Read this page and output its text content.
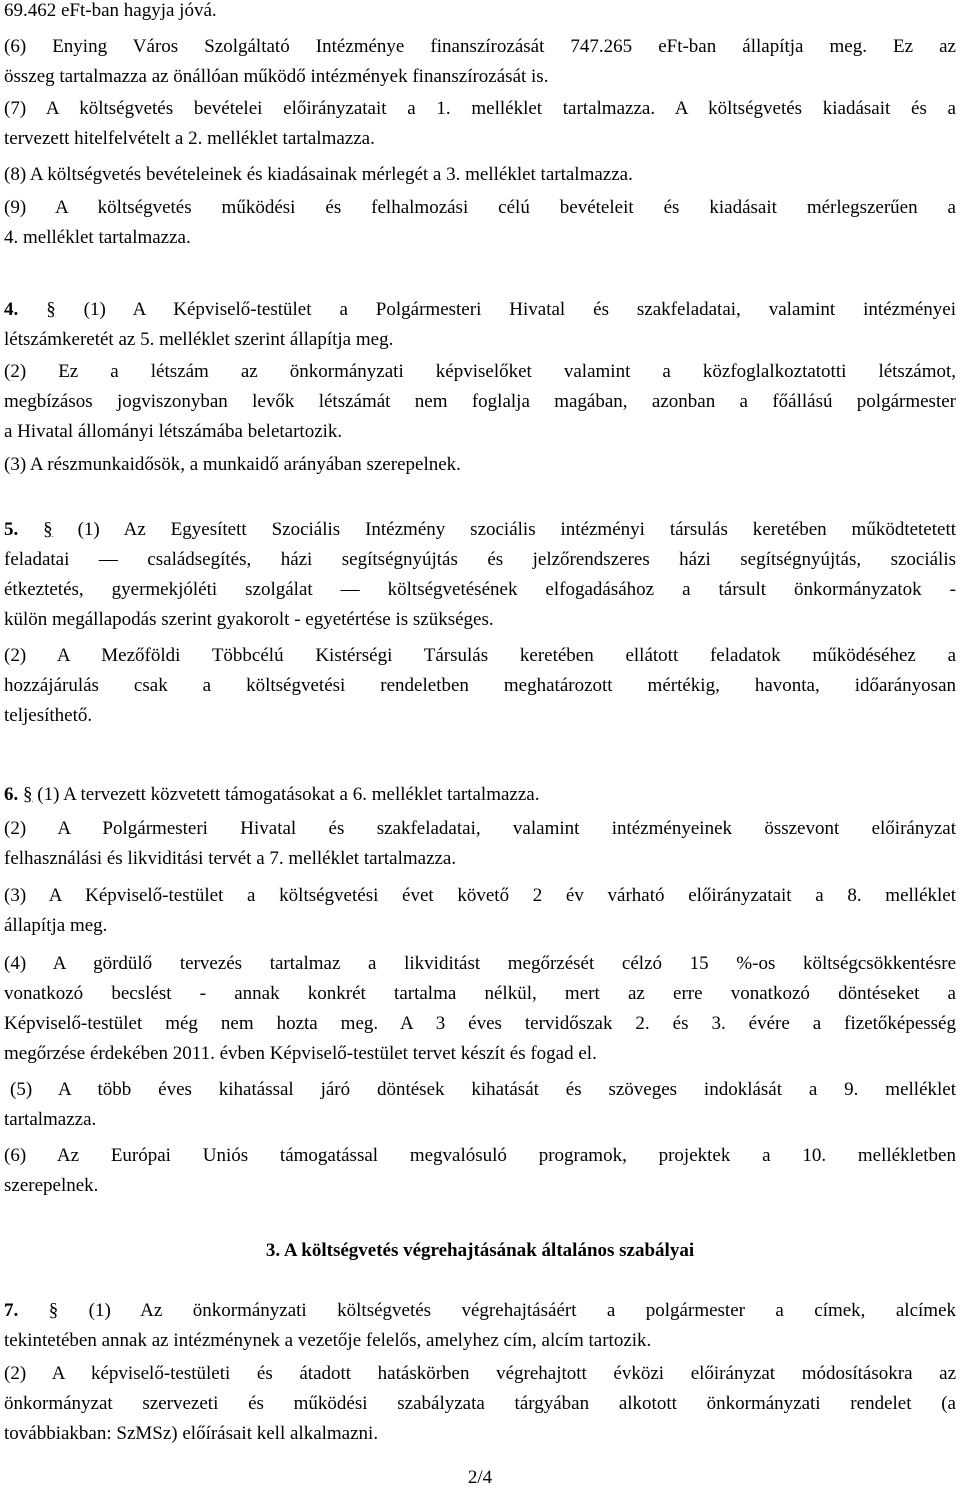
69.462 eFt-ban hagyja jóvá.
(6) Enying Város Szolgáltató Intézménye finanszírozását 747.265 eFt-ban állapítja meg. Ez az
összeg tartalmazza az önállóan működő intézmények finanszírozását is.
(7) A költségvetés bevételei előirányzatait a 1. melléklet tartalmazza. A költségvetés kiadásait és a
tervezett hitelfelvételt a 2. melléklet tartalmazza.
(8) A költségvetés bevételeinek és kiadásainak mérlegét a 3. melléklet tartalmazza.
(9) A költségvetés működési és felhalmozási célú bevételeit és kiadásait mérlegszerűen a
4. melléklet tartalmazza.
4. § (1) A Képviselő-testület a Polgármesteri Hivatal és szakfeladatai, valamint intézményei
létszámkeretét az 5. melléklet szerint állapítja meg.
(2) Ez a létszám az önkormányzati képviselőket valamint a közfoglalkoztatotti létszámot,
megbízásos jogviszonyban levők létszámát nem foglalja magában, azonban a főállású polgármester
a Hivatal állományi létszámába beletartozik.
(3) A részmunkaidősök, a munkaidő arányában szerepelnek.
5. § (1) Az Egyesített Szociális Intézmény szociális intézményi társulás keretében működtetetett
feladatai — családsegítés, házi segítségnyújtás és jelzőrendszeres házi segítségnyújtás, szociális
étkeztetés, gyermekjóléti szolgálat — költségvetésének elfogadásához a társult önkormányzatok -
külön megállapodás szerint gyakorolt - egyetértése is szükséges.
(2) A Mezőföldi Többcélú Kistérségi Társulás keretében ellátott feladatok működéséhez a
hozzájárulás csak a költségvetési rendeletben meghatározott mértékig, havonta, időarányosan
teljesíthető.
6. § (1) A tervezett közvetett támogatásokat a 6. melléklet tartalmazza.
(2) A Polgármesteri Hivatal és szakfeladatai, valamint intézményeinek összevont előirányzat
felhasználási és likviditási tervét a 7. melléklet tartalmazza.
(3) A Képviselő-testület a költségvetési évet követő 2 év várható előirányzatait a 8. melléklet
állapítja meg.
(4) A gördülő tervezés tartalmaz a likviditást megőrzését célzó 15 %-os költségcsökkentésre
vonatkozó becslést - annak konkrét tartalma nélkül, mert az erre vonatkozó döntéseket a
Képviselő-testület még nem hozta meg. A 3 éves tervidőszak 2. és 3. évére a fizetőképesség
megőrzése érdekében 2011. évben Képviselő-testület tervet készít és fogad el.
(5) A több éves kihatással járó döntések kihatását és szöveges indoklását a 9. melléklet
tartalmazza.
(6) Az Európai Uniós támogatással megvalósuló programok, projektek a 10. mellékletben
szerepelnek.
3. A költségvetés végrehajtásának általános szabályai
7. § (1) Az önkormányzati költségvetés végrehajtásáért a polgármester a címek, alcímek
tekintetében annak az intézménynek a vezetője felelős, amelyhez cím, alcím tartozik.
(2) A képviselő-testületi és átadott hatáskörben végrehajtott évközi előirányzat módosításokra az
önkormányzat szervezeti és működési szabályzata tárgyában alkotott önkormányzati rendelet (a
továbbiakban: SzMSz) előírásait kell alkalmazni.
2/4
